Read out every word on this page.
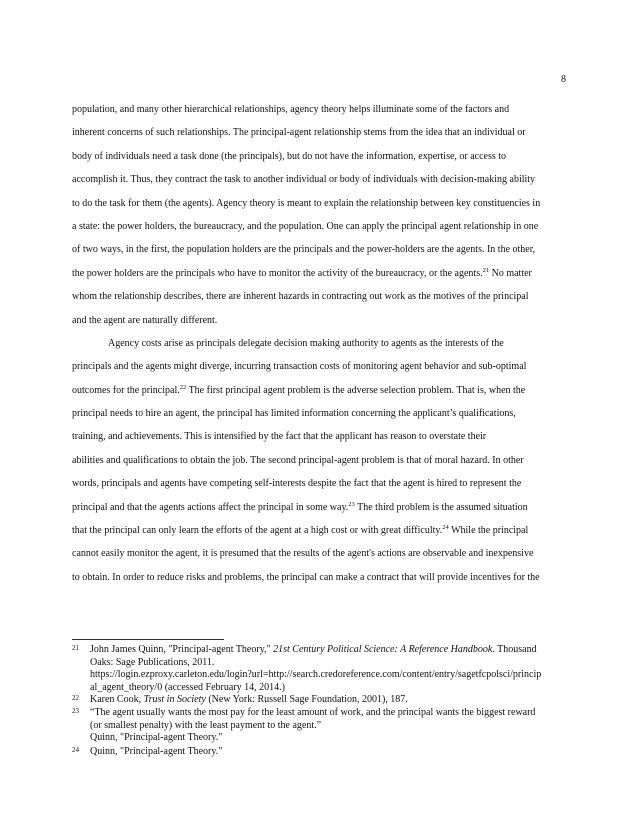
8
population, and many other hierarchical relationships, agency theory helps illuminate some of the factors and
inherent concerns of such relationships. The principal-agent relationship stems from the idea that an individual or
body of individuals need a task done (the principals), but do not have the information, expertise, or access to
accomplish it. Thus, they contract the task to another individual or body of individuals with decision-making ability
to do the task for them (the agents). Agency theory is meant to explain the relationship between key constituencies in
a state: the power holders, the bureaucracy, and the population. One can apply the principal agent relationship in one
of two ways, in the first, the population holders are the principals and the power-holders are the agents. In the other,
the power holders are the principals who have to monitor the activity of the bureaucracy, or the agents.$^{21}$ No matter
whom the relationship describes, there are inherent hazards in contracting out work as the motives of the principal
and the agent are naturally different.
Agency costs arise as principals delegate decision making authority to agents as the interests of the
principals and the agents might diverge, incurring transaction costs of monitoring agent behavior and sub-optimal
outcomes for the principal.$^{22}$ The first principal agent problem is the adverse selection problem. That is, when the
principal needs to hire an agent, the principal has limited information concerning the applicant’s qualifications,
training, and achievements. This is intensified by the fact that the applicant has reason to overstate their
abilities and qualifications to obtain the job. The second principal-agent problem is that of moral hazard. In other
words, principals and agents have competing self-interests despite the fact that the agent is hired to represent the
principal and that the agents actions affect the principal in some way.$^{23}$ The third problem is the assumed situation
that the principal can only learn the efforts of the agent at a high cost or with great difficulty.$^{24}$ While the principal
cannot easily monitor the agent, it is presumed that the results of the agent's actions are observable and inexpensive
to obtain. In order to reduce risks and problems, the principal can make a contract that will provide incentives for the
21 John James Quinn, "Principal-agent Theory," 21st Century Political Science: A Reference Handbook. Thousand
Oaks: Sage Publications, 2011.
https://login.ezproxy.carleton.edu/login?url=http://search.credoreference.com/content/entry/sagetfcpolsci/princip
al_agent_theory/0 (accessed February 14, 2014.)
22 Karen Cook, Trust in Society (New York: Russell Sage Foundation, 2001), 187.
23 “The agent usually wants the most pay for the least amount of work, and the principal wants the biggest reward
(or smallest penalty) with the least payment to the agent.”
Quinn, "Principal-agent Theory."
24 Quinn, "Principal-agent Theory."
